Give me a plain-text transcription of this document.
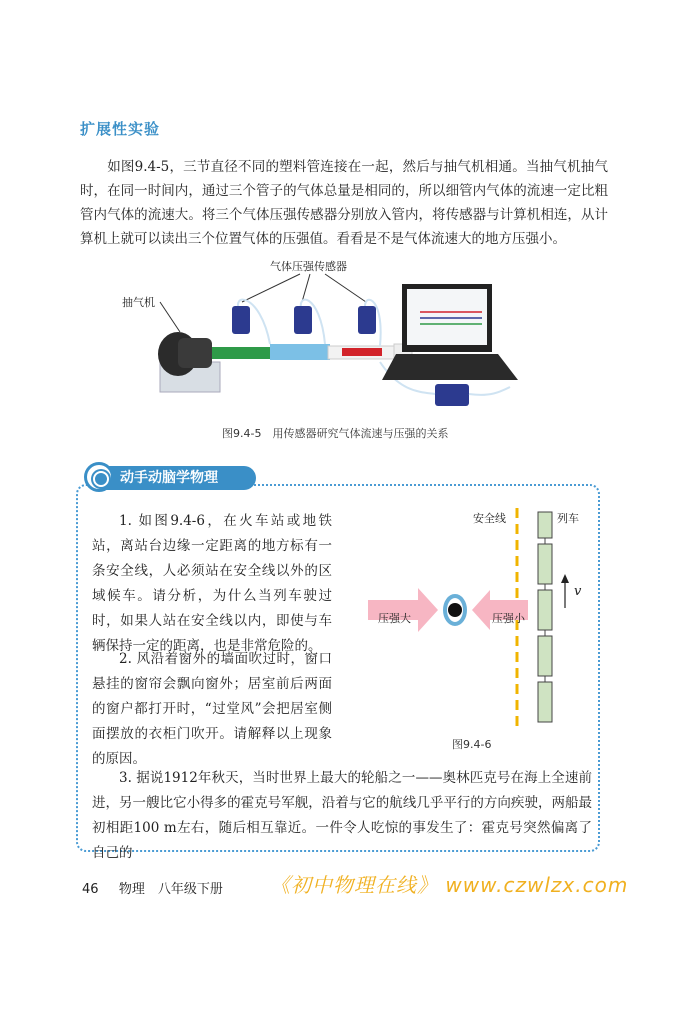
扩展性实验
如图9.4-5，三节直径不同的塑料管连接在一起，然后与抽气机相通。当抽气机抽气时，在同一时间内，通过三个管子的气体总量是相同的，所以细管内气体的流速一定比粗管内气体的流速大。将三个气体压强传感器分别放入管内，将传感器与计算机相连，从计算机上就可以读出三个位置气体的压强值。看看是不是气体流速大的地方压强小。
气体压强传感器
抽气机
图9.4-5　用传感器研究气体流速与压强的关系
动手动脑学物理
1. 如图9.4-6，在火车站或地铁站，离站台边缘一定距离的地方标有一条安全线，人必须站在安全线以外的区域候车。请分析，为什么当列车驶过时，如果人站在安全线以内，即使与车辆保持一定的距离，也是非常危险的。
2. 风沿着窗外的墙面吹过时，窗口悬挂的窗帘会飘向窗外；居室前后两面的窗户都打开时，“过堂风”会把居室侧面摆放的衣柜门吹开。请解释以上现象的原因。
3. 据说1912年秋天，当时世界上最大的轮船之一——奥林匹克号在海上全速前进，另一艘比它小得多的霍克号军舰，沿着与它的航线几乎平行的方向疾驶，两船最初相距100 m左右，随后相互靠近。一件令人吃惊的事发生了：霍克号突然偏离了自己的
安全线	列车
压强大	压强小
v
图9.4-6
46 物理　八年级下册 《初中物理在线》 www.czwlzx.com
